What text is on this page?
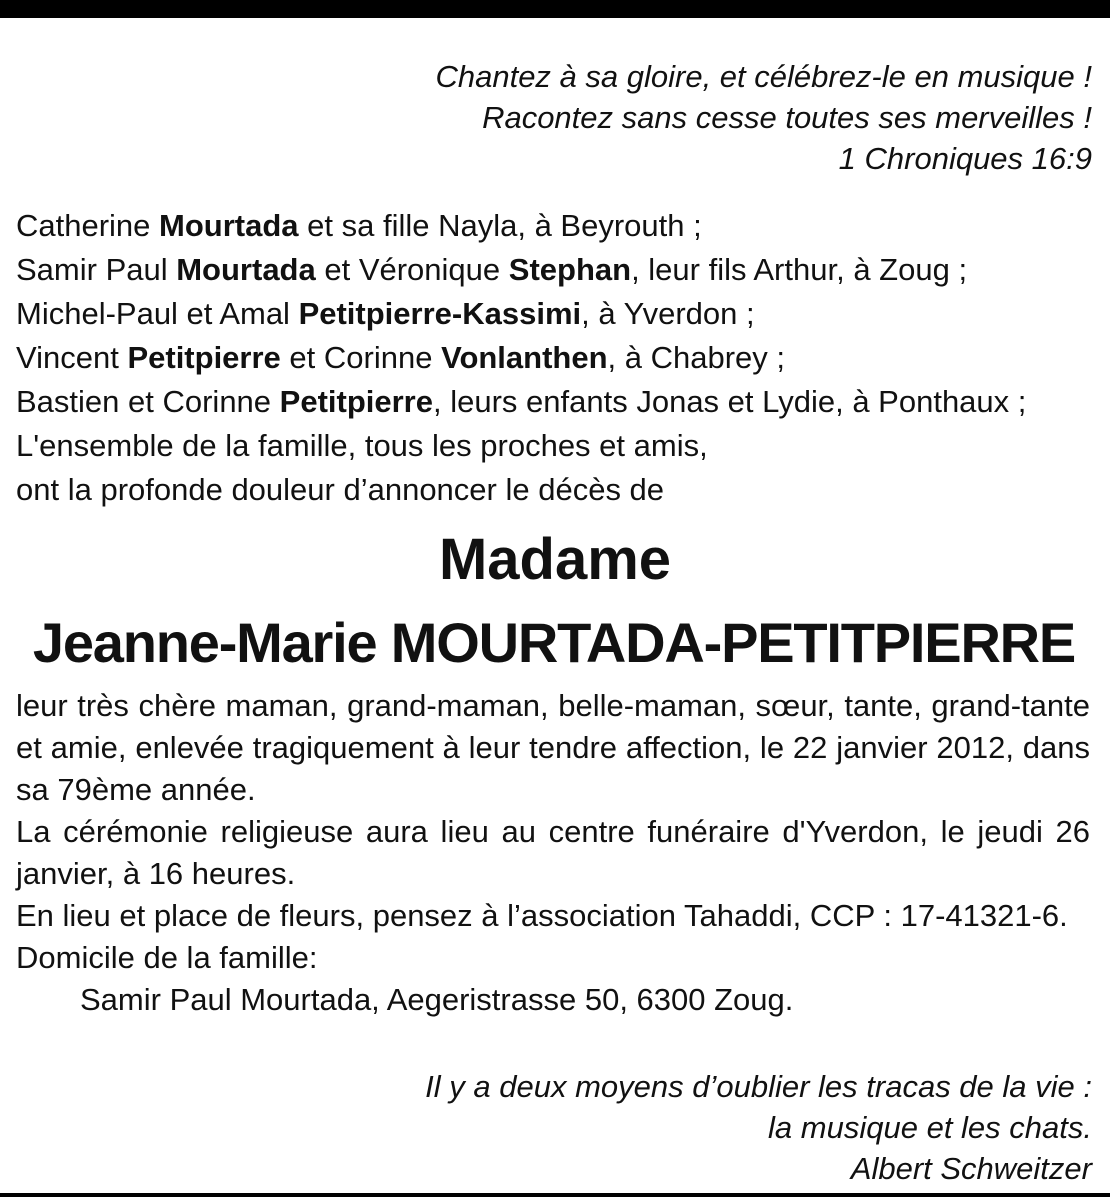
Chantez à sa gloire, et célébrez-le en musique !
Racontez sans cesse toutes ses merveilles !
1 Chroniques 16:9
Catherine Mourtada et sa fille Nayla, à Beyrouth ;
Samir Paul Mourtada et Véronique Stephan, leur fils Arthur, à Zoug ;
Michel-Paul et Amal Petitpierre-Kassimi, à Yverdon ;
Vincent Petitpierre et Corinne Vonlanthen, à Chabrey ;
Bastien et Corinne Petitpierre, leurs enfants Jonas et Lydie, à Ponthaux ;
L'ensemble de la famille, tous les proches et amis,
ont la profonde douleur d’annoncer le décès de
Madame
Jeanne-Marie MOURTADA-PETITPIERRE

leur très chère maman, grand-maman, belle-maman, sœur, tante, grand-tante et amie, enlevée tragiquement à leur tendre affection, le 22 janvier 2012, dans sa 79ème année.

La cérémonie religieuse aura lieu au centre funéraire d'Yverdon, le jeudi 26 janvier, à 16 heures.

En lieu et place de fleurs, pensez à l’association Tahaddi, CCP : 17-41321-6.

Domicile de la famille:
Samir Paul Mourtada, Aegeristrasse 50, 6300 Zoug.
Il y a deux moyens d’oublier les tracas de la vie :
la musique et les chats.
Albert Schweitzer
